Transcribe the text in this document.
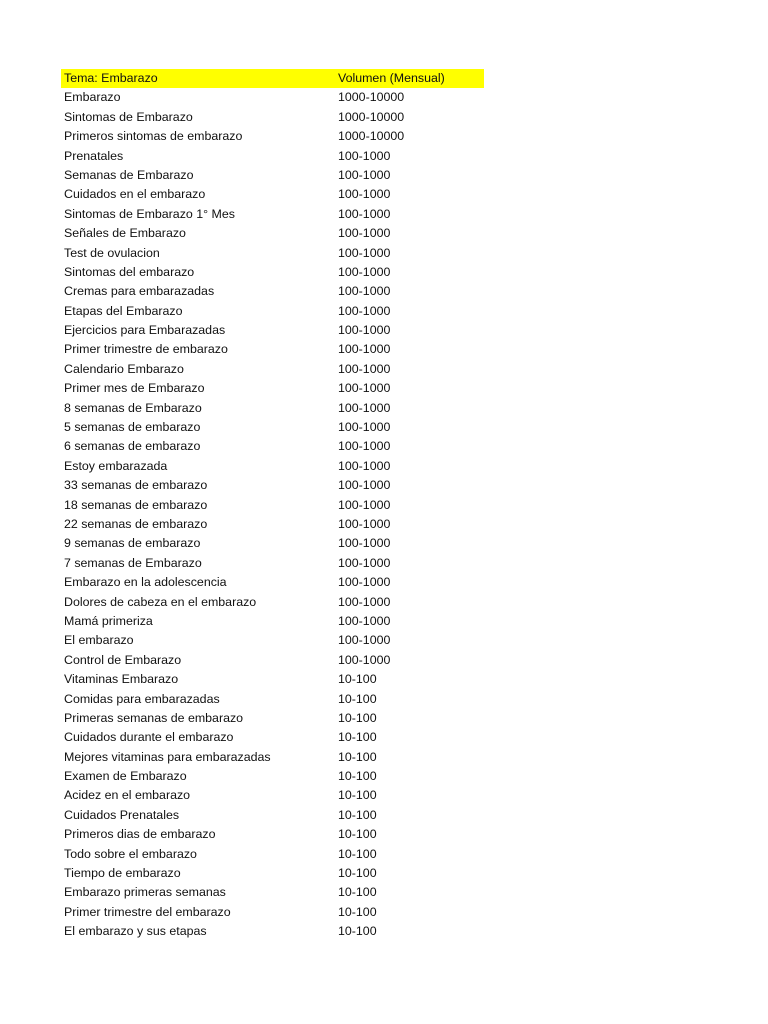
Tema: Embarazo	Volumen (Mensual)
Embarazo	1000-10000
Sintomas de Embarazo	1000-10000
Primeros sintomas de embarazo	1000-10000
Prenatales	100-1000
Semanas de Embarazo	100-1000
Cuidados en el embarazo	100-1000
Sintomas de Embarazo 1° Mes	100-1000
Señales de Embarazo	100-1000
Test de ovulacion	100-1000
Sintomas del embarazo	100-1000
Cremas para embarazadas	100-1000
Etapas del Embarazo	100-1000
Ejercicios para Embarazadas	100-1000
Primer trimestre de embarazo	100-1000
Calendario Embarazo	100-1000
Primer mes de Embarazo	100-1000
8 semanas de Embarazo	100-1000
5 semanas de embarazo	100-1000
6 semanas de embarazo	100-1000
Estoy embarazada	100-1000
33 semanas de embarazo	100-1000
18 semanas de embarazo	100-1000
22 semanas de embarazo	100-1000
9 semanas de embarazo	100-1000
7 semanas de Embarazo	100-1000
Embarazo en la adolescencia	100-1000
Dolores de cabeza en el embarazo	100-1000
Mamá primeriza	100-1000
El embarazo	100-1000
Control de Embarazo	100-1000
Vitaminas Embarazo	10-100
Comidas para embarazadas	10-100
Primeras semanas de embarazo	10-100
Cuidados durante el embarazo	10-100
Mejores vitaminas para embarazadas	10-100
Examen de Embarazo	10-100
Acidez en el embarazo	10-100
Cuidados Prenatales	10-100
Primeros dias de embarazo	10-100
Todo sobre el embarazo	10-100
Tiempo de embarazo	10-100
Embarazo primeras semanas	10-100
Primer trimestre del embarazo	10-100
El embarazo y sus etapas	10-100
